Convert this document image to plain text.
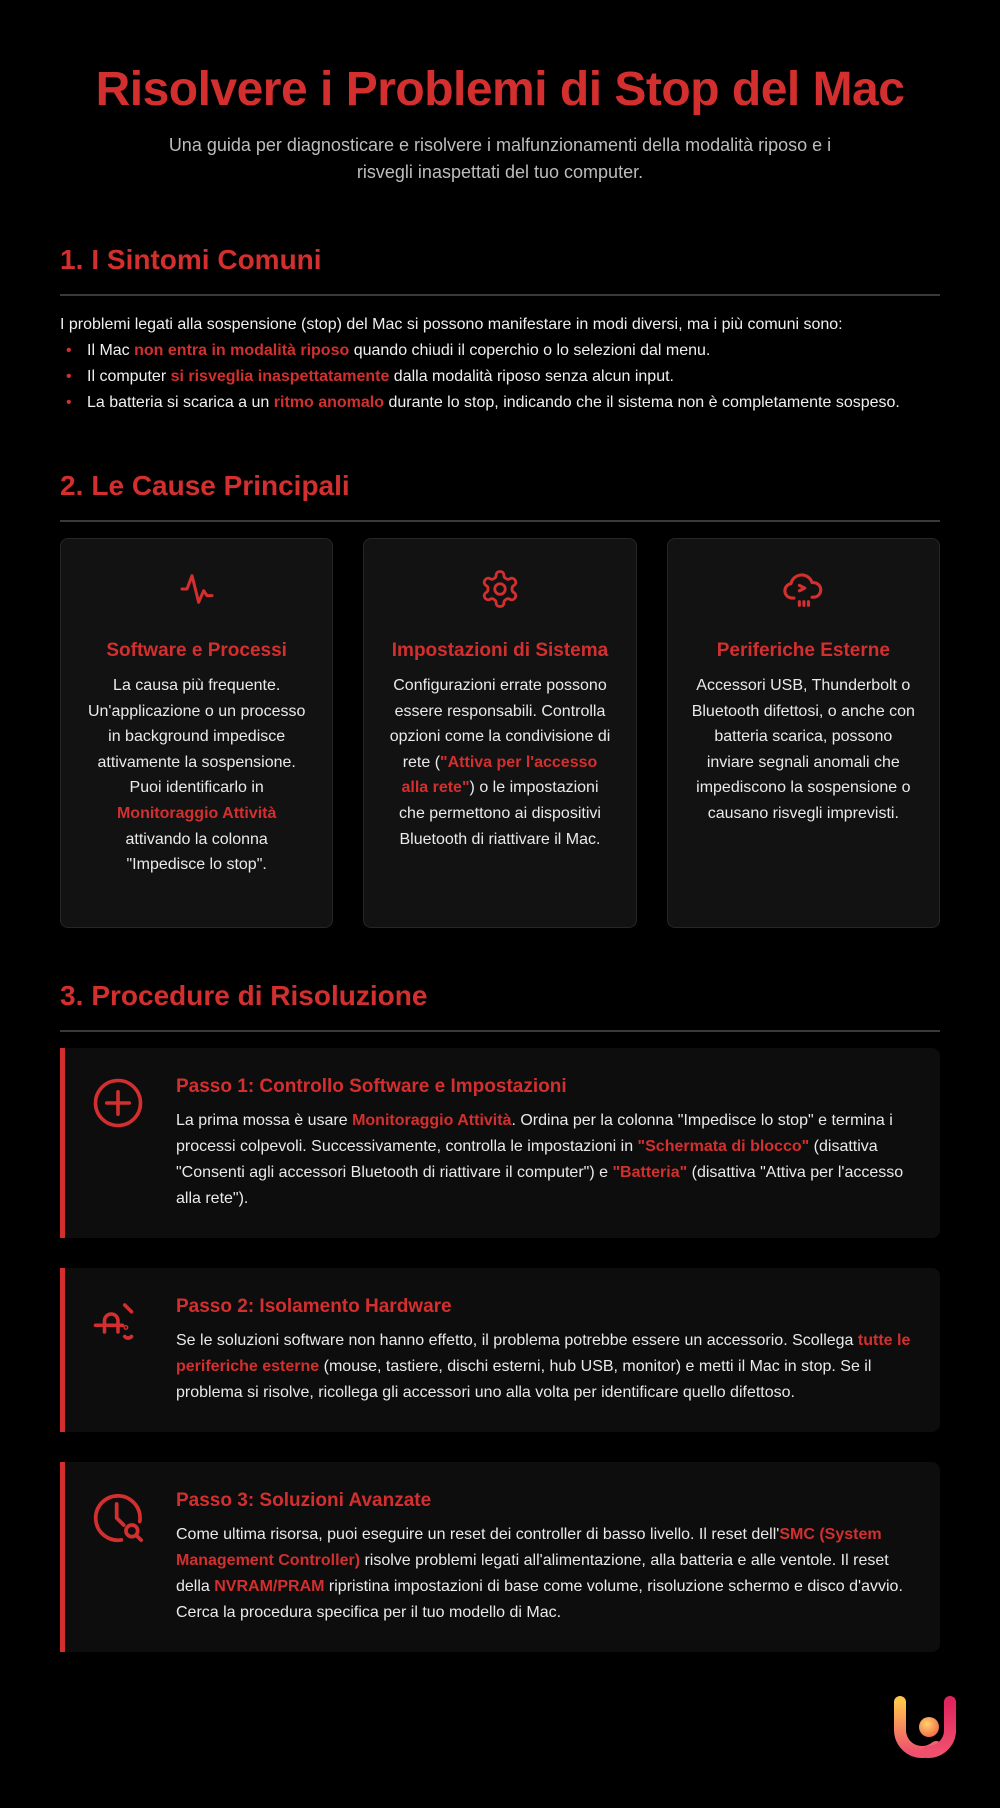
Risolvere i Problemi di Stop del Mac

Una guida per diagnosticare e risolvere i malfunzionamenti della modalità riposo e i risvegli inaspettati del tuo computer.

1. I Sintomi Comuni

I problemi legati alla sospensione (stop) del Mac si possono manifestare in modi diversi, ma i più comuni sono:

• Il Mac non entra in modalità riposo quando chiudi il coperchio o lo selezioni dal menu.
• Il computer si risveglia inaspettatamente dalla modalità riposo senza alcun input.
• La batteria si scarica a un ritmo anomalo durante lo stop, indicando che il sistema non è completamente sospeso.
2. Le Cause Principali
Software e Processi

La causa più frequente. Un'applicazione o un processo in background impedisce attivamente la sospensione. Puoi identificarlo in Monitoraggio Attività attivando la colonna "Impedisce lo stop".

Impostazioni di Sistema

Configurazioni errate possono essere responsabili. Controlla opzioni come la condivisione di rete ("Attiva per l'accesso alla rete") o le impostazioni che permettono ai dispositivi Bluetooth di riattivare il Mac.

Periferiche Esterne

Accessori USB, Thunderbolt o Bluetooth difettosi, o anche con batteria scarica, possono inviare segnali anomali che impediscono la sospensione o causano risvegli imprevisti.

3. Procedure di Risoluzione
Passo 1: Controllo Software e Impostazioni

La prima mossa è usare Monitoraggio Attività. Ordina per la colonna "Impedisce lo stop" e termina i processi colpevoli. Successivamente, controlla le impostazioni in "Schermata di blocco" (disattiva "Consenti agli accessori Bluetooth di riattivare il computer") e "Batteria" (disattiva "Attiva per l'accesso alla rete").

Passo 2: Isolamento Hardware

Se le soluzioni software non hanno effetto, il problema potrebbe essere un accessorio. Scollega tutte le periferiche esterne (mouse, tastiere, dischi esterni, hub USB, monitor) e metti il Mac in stop. Se il problema si risolve, ricollega gli accessori uno alla volta per identificare quello difettoso.

Passo 3: Soluzioni Avanzate

Come ultima risorsa, puoi eseguire un reset dei controller di basso livello. Il reset dell'SMC (System Management Controller) risolve problemi legati all'alimentazione, alla batteria e alle ventole. Il reset della NVRAM/PRAM ripristina impostazioni di base come volume, risoluzione schermo e disco d'avvio. Cerca la procedura specifica per il tuo modello di Mac.
